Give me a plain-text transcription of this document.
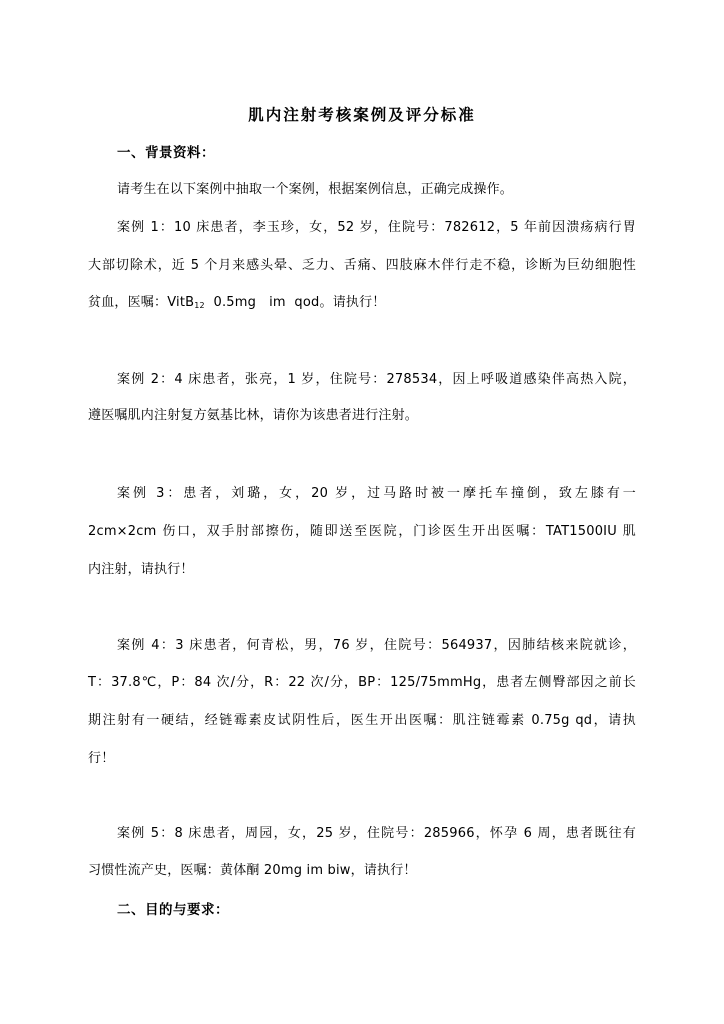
肌内注射考核案例及评分标准
一、背景资料：
请考生在以下案例中抽取一个案例，根据案例信息，正确完成操作。
案例 1：10 床患者，李玉珍，女，52 岁，住院号：782612，5 年前因溃疡病行胃
大部切除术，近 5 个月来感头晕、乏力、舌痛、四肢麻木伴行走不稳，诊断为巨幼细胞性
贫血，医嘱：VitB$_{12}$  0.5mg   im  qod。请执行！
案例 2：4 床患者，张亮，1 岁，住院号：278534，因上呼吸道感染伴高热入院，
遵医嘱肌内注射复方氨基比林，请你为该患者进行注射。
案例 3：患者，刘璐，女，20 岁，过马路时被一摩托车撞倒，致左膝有一
2cm×2cm 伤口，双手肘部擦伤，随即送至医院，门诊医生开出医嘱：TAT1500IU 肌
内注射，请执行！
案例 4：3 床患者，何青松，男，76 岁，住院号：564937，因肺结核来院就诊，
T：37.8℃，P：84 次/分，R：22 次/分，BP：125/75mmHg，患者左侧臀部因之前长
期注射有一硬结，经链霉素皮试阴性后，医生开出医嘱：肌注链霉素 0.75g qd，请执
行！
案例 5：8 床患者，周园，女，25 岁，住院号：285966，怀孕 6 周，患者既往有
习惯性流产史，医嘱：黄体酮 20mg im biw，请执行！
二、目的与要求：
